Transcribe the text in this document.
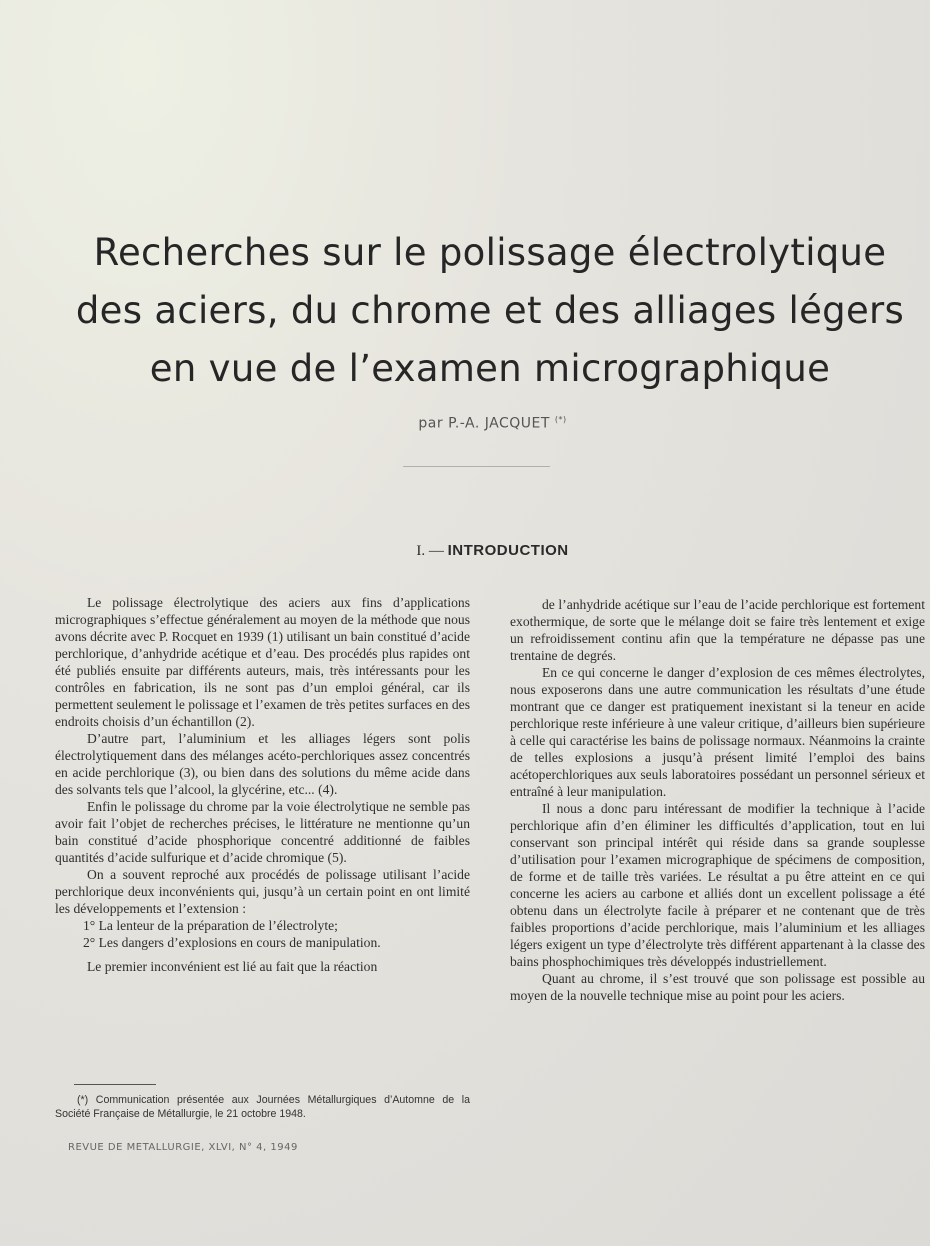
Recherches sur le polissage électrolytique
des aciers, du chrome et des alliages légers
en vue de l’examen micrographique
par P.-A. JACQUET (*)
I. — INTRODUCTION

Le polissage électrolytique des aciers aux fins d’applications micrographiques s’effectue généralement au moyen de la méthode que nous avons décrite avec P. Rocquet en 1939 (1) utilisant un bain constitué d’acide perchlorique, d’anhydride acétique et d’eau. Des procédés plus rapides ont été publiés ensuite par différents auteurs, mais, très intéressants pour les contrôles en fabrication, ils ne sont pas d’un emploi général, car ils permettent seulement le polissage et l’examen de très petites surfaces en des endroits choisis d’un échantillon (2).

D’autre part, l’aluminium et les alliages légers sont polis électrolytiquement dans des mélanges acéto-perchloriques assez concentrés en acide perchlorique (3), ou bien dans des solutions du même acide dans des solvants tels que l’alcool, la glycérine, etc... (4).

Enfin le polissage du chrome par la voie électrolytique ne semble pas avoir fait l’objet de recherches précises, le littérature ne mentionne qu’un bain constitué d’acide phosphorique concentré additionné de faibles quantités d’acide sulfurique et d’acide chromique (5).

On a souvent reproché aux procédés de polissage utilisant l’acide perchlorique deux inconvénients qui, jusqu’à un certain point en ont limité les développements et l’extension :

1° La lenteur de la préparation de l’électrolyte;

2° Les dangers d’explosions en cours de manipulation.

Le premier inconvénient est lié au fait que la réaction

de l’anhydride acétique sur l’eau de l’acide perchlorique est fortement exothermique, de sorte que le mélange doit se faire très lentement et exige un refroidissement continu afin que la température ne dépasse pas une trentaine de degrés.

En ce qui concerne le danger d’explosion de ces mêmes électrolytes, nous exposerons dans une autre communication les résultats d’une étude montrant que ce danger est pratiquement inexistant si la teneur en acide perchlorique reste inférieure à une valeur critique, d’ailleurs bien supérieure à celle qui caractérise les bains de polissage normaux. Néanmoins la crainte de telles explosions a jusqu’à présent limité l’emploi des bains acétoperchloriques aux seuls laboratoires possédant un personnel sérieux et entraîné à leur manipulation.

Il nous a donc paru intéressant de modifier la technique à l’acide perchlorique afin d’en éliminer les difficultés d’application, tout en lui conservant son principal intérêt qui réside dans sa grande souplesse d’utilisation pour l’examen micrographique de spécimens de composition, de forme et de taille très variées. Le résultat a pu être atteint en ce qui concerne les aciers au carbone et alliés dont un excellent polissage a été obtenu dans un électrolyte facile à préparer et ne contenant que de très faibles proportions d’acide perchlorique, mais l’aluminium et les alliages légers exigent un type d’électrolyte très différent appartenant à la classe des bains phosphochimiques très développés industriellement.

Quant au chrome, il s’est trouvé que son polissage est possible au moyen de la nouvelle technique mise au point pour les aciers.

(*) Communication présentée aux Journées Métallurgiques d’Automne de la Société Française de Métallurgie, le 21 octobre 1948.
REVUE DE METALLURGIE, XLVI, N° 4, 1949
